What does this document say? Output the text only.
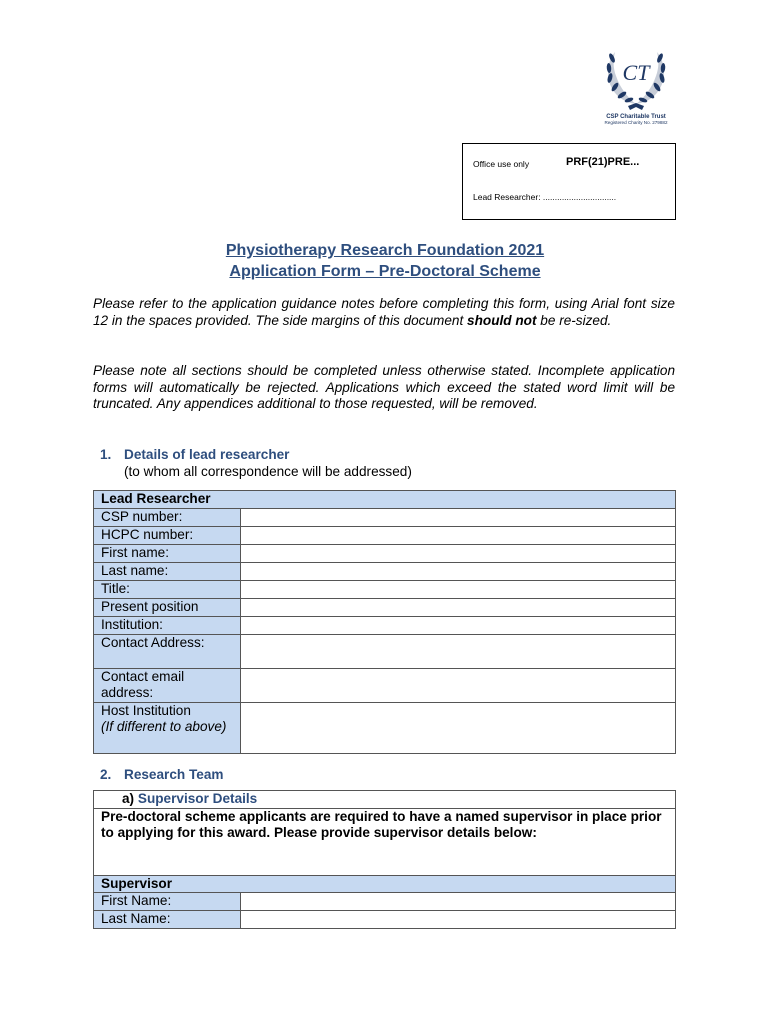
CT
CSP Charitable Trust
Registered Charity No. 279882
Office use only	PRF(21)PRE...
Lead Researcher: ...............................
Physiotherapy Research Foundation 2021
Application Form – Pre-Doctoral Scheme

Please refer to the application guidance notes before completing this form, using Arial font size 12 in the spaces provided. The side margins of this document should not be re-sized.

Please note all sections should be completed unless otherwise stated. Incomplete application forms will automatically be rejected. Applications which exceed the stated word limit will be truncated. Any appendices additional to those requested, will be removed.

1. Details of lead researcher
(to whom all correspondence will be addressed)
Lead Researcher	
CSP number:	
HCPC number:	
First name:	
Last name:	
Title:	
Present position	
Institution:	
Contact Address:	
Contact email address:	
Host Institution
(If different to above)	
2. Research Team
a) Supervisor Details	
Pre-doctoral scheme applicants are required to have a named supervisor in place prior to applying for this award. Please provide supervisor details below:	
Supervisor	
First Name:	
Last Name:	
